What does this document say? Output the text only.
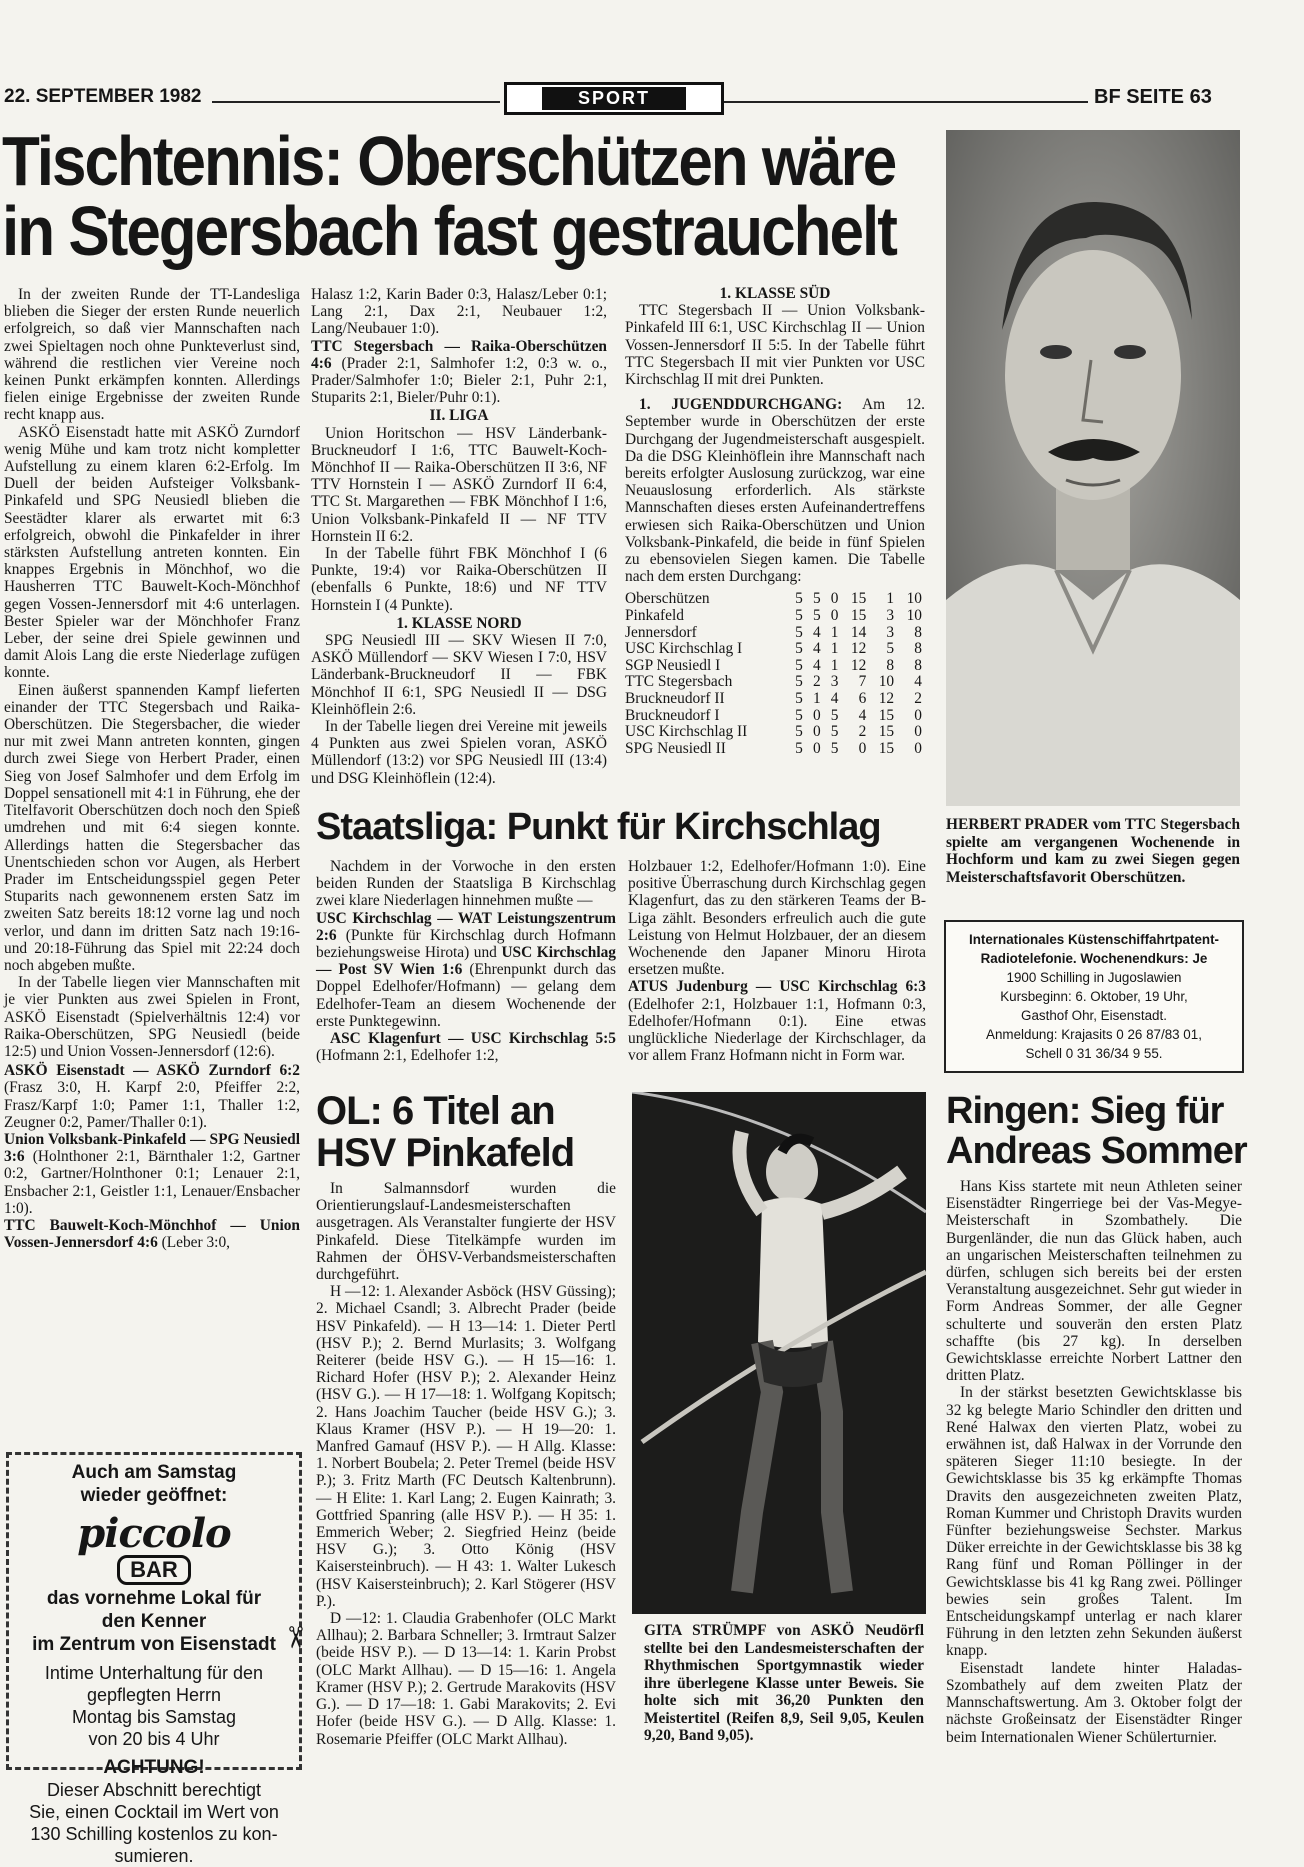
22. SEPTEMBER 1982	SPORT	BF SEITE 63
Tischtennis: Oberschützen wäre
in Stegersbach fast gestrauchelt

In der zweiten Runde der TT-Landesliga blieben die Sieger der ersten Runde neuerlich erfolgreich, so daß vier Mannschaften nach zwei Spieltagen noch ohne Punkteverlust sind, während die restlichen vier Vereine noch keinen Punkt erkämpfen konnten. Allerdings fielen einige Ergebnisse der zweiten Runde recht knapp aus.

ASKÖ Eisenstadt hatte mit ASKÖ Zurndorf wenig Mühe und kam trotz nicht kompletter Aufstellung zu einem klaren 6:2-Erfolg. Im Duell der beiden Aufsteiger Volksbank-Pinkafeld und SPG Neusiedl blieben die Seestädter klarer als erwartet mit 6:3 erfolgreich, obwohl die Pinkafelder in ihrer stärksten Aufstellung antreten konnten. Ein knappes Ergebnis in Mönchhof, wo die Hausherren TTC Bauwelt-Koch-Mönchhof gegen Vossen-Jennersdorf mit 4:6 unterlagen. Bester Spieler war der Mönchhofer Franz Leber, der seine drei Spiele gewinnen und damit Alois Lang die erste Niederlage zufügen konnte.

Einen äußerst spannenden Kampf lieferten einander der TTC Stegersbach und Raika-Oberschützen. Die Stegersbacher, die wieder nur mit zwei Mann antreten konnten, gingen durch zwei Siege von Herbert Prader, einen Sieg von Josef Salmhofer und dem Erfolg im Doppel sensationell mit 4:1 in Führung, ehe der Titelfavorit Oberschützen doch noch den Spieß umdrehen und mit 6:4 siegen konnte. Allerdings hatten die Stegersbacher das Unentschieden schon vor Augen, als Herbert Prader im Entscheidungsspiel gegen Peter Stuparits nach gewonnenem ersten Satz im zweiten Satz bereits 18:12 vorne lag und noch verlor, und dann im dritten Satz nach 19:16- und 20:18-Führung das Spiel mit 22:24 doch noch abgeben mußte.

In der Tabelle liegen vier Mannschaften mit je vier Punkten aus zwei Spielen in Front, ASKÖ Eisenstadt (Spielverhältnis 12:4) vor Raika-Oberschützen, SPG Neusiedl (beide 12:5) und Union Vossen-Jennersdorf (12:6).

ASKÖ Eisenstadt — ASKÖ Zurndorf 6:2 (Frasz 3:0, H. Karpf 2:0, Pfeiffer 2:2, Frasz/Karpf 1:0; Pamer 1:1, Thaller 1:2, Zeugner 0:2, Pamer/Thaller 0:1).

Union Volksbank-Pinkafeld — SPG Neusiedl 3:6 (Holnthoner 2:1, Bärnthaler 1:2, Gartner 0:2, Gartner/Holnthoner 0:1; Lenauer 2:1, Ensbacher 2:1, Geistler 1:1, Lenauer/Ensbacher 1:0).

TTC Bauwelt-Koch-Mönchhof — Union Vossen-Jennersdorf 4:6 (Leber 3:0,

Halasz 1:2, Karin Bader 0:3, Halasz/Leber 0:1; Lang 2:1, Dax 2:1, Neubauer 1:2, Lang/Neubauer 1:0).

TTC Stegersbach — Raika-Oberschützen 4:6 (Prader 2:1, Salmhofer 1:2, 0:3 w. o., Prader/Salmhofer 1:0; Bieler 2:1, Puhr 2:1, Stuparits 2:1, Bieler/Puhr 0:1).

II. LIGA

Union Horitschon — HSV Länderbank-Bruckneudorf I 1:6, TTC Bauwelt-Koch-Mönchhof II — Raika-Oberschützen II 3:6, NF TTV Hornstein I — ASKÖ Zurndorf II 6:4, TTC St. Margarethen — FBK Mönchhof I 1:6, Union Volksbank-Pinkafeld II — NF TTV Hornstein II 6:2.

In der Tabelle führt FBK Mönchhof I (6 Punkte, 19:4) vor Raika-Oberschützen II (ebenfalls 6 Punkte, 18:6) und NF TTV Hornstein I (4 Punkte).

1. KLASSE NORD

SPG Neusiedl III — SKV Wiesen II 7:0, ASKÖ Müllendorf — SKV Wiesen I 7:0, HSV Länderbank-Bruckneudorf II — FBK Mönchhof II 6:1, SPG Neusiedl II — DSG Kleinhöflein 2:6.

In der Tabelle liegen drei Vereine mit jeweils 4 Punkten aus zwei Spielen voran, ASKÖ Müllendorf (13:2) vor SPG Neusiedl III (13:4) und DSG Kleinhöflein (12:4).

1. KLASSE SÜD

TTC Stegersbach II — Union Volksbank-Pinkafeld III 6:1, USC Kirchschlag II — Union Vossen-Jennersdorf II 5:5. In der Tabelle führt TTC Stegersbach II mit vier Punkten vor USC Kirchschlag II mit drei Punkten.

1. JUGENDDURCHGANG: Am 12. September wurde in Oberschützen der erste Durchgang der Jugendmeisterschaft ausgespielt. Da die DSG Kleinhöflein ihre Mannschaft nach bereits erfolgter Auslosung zurückzog, war eine Neuauslosung erforderlich. Als stärkste Mannschaften dieses ersten Aufeinandertreffens erwiesen sich Raika-Oberschützen und Union Volksbank-Pinkafeld, die beide in fünf Spielen zu ebensovielen Siegen kamen. Die Tabelle nach dem ersten Durchgang:

Oberschützen	5	5	0	15	1	10
Pinkafeld	5	5	0	15	3	10
Jennersdorf	5	4	1	14	3	8
USC Kirchschlag I	5	4	1	12	5	8
SGP Neusiedl I	5	4	1	12	8	8
TTC Stegersbach	5	2	3	7	10	4
Bruckneudorf II	5	1	4	6	12	2
Bruckneudorf I	5	0	5	4	15	0
USC Kirchschlag II	5	0	5	2	15	0
SPG Neusiedl II	5	0	5	0	15	0
HERBERT PRADER vom TTC Stegersbach spielte am vergangenen Wochenende in Hochform und kam zu zwei Siegen gegen Meisterschaftsfavorit Oberschützen.
Staatsliga: Punkt für Kirchschlag

Nachdem in der Vorwoche in den ersten beiden Runden der Staatsliga B Kirchschlag zwei klare Niederlagen hinnehmen mußte —

USC Kirchschlag — WAT Leistungszentrum 2:6 (Punkte für Kirchschlag durch Hofmann beziehungsweise Hirota) und USC Kirchschlag — Post SV Wien 1:6 (Ehrenpunkt durch das Doppel Edelhofer/Hofmann) — gelang dem Edelhofer-Team an diesem Wochenende der erste Punktegewinn.

ASC Klagenfurt — USC Kirchschlag 5:5 (Hofmann 2:1, Edelhofer 1:2,

Holzbauer 1:2, Edelhofer/Hofmann 1:0). Eine positive Überraschung durch Kirchschlag gegen Klagenfurt, das zu den stärkeren Teams der B-Liga zählt. Besonders erfreulich auch die gute Leistung von Helmut Holzbauer, der an diesem Wochenende den Japaner Minoru Hirota ersetzen mußte.

ATUS Judenburg — USC Kirchschlag 6:3 (Edelhofer 2:1, Holzbauer 1:1, Hofmann 0:3, Edelhofer/Hofmann 0:1). Eine etwas unglückliche Niederlage der Kirchschlager, da vor allem Franz Hofmann nicht in Form war.

Internationales Küstenschiffahrtpatent-
Radiotelefonie. Wochenendkurs: Je
1900 Schilling in Jugoslawien
Kursbeginn: 6. Oktober, 19 Uhr,
Gasthof Ohr, Eisenstadt.
Anmeldung: Krajasits 0 26 87/83 01,
Schell 0 31 36/34 9 55.
OL: 6 Titel an
HSV Pinkafeld

In Salmannsdorf wurden die Orientierungslauf-Landesmeisterschaften ausgetragen. Als Veranstalter fungierte der HSV Pinkafeld. Diese Titelkämpfe wurden im Rahmen der ÖHSV-Verbandsmeisterschaften durchgeführt.

H —12: 1. Alexander Asböck (HSV Güssing); 2. Michael Csandl; 3. Albrecht Prader (beide HSV Pinkafeld). — H 13—14: 1. Dieter Pertl (HSV P.); 2. Bernd Murlasits; 3. Wolfgang Reiterer (beide HSV G.). — H 15—16: 1. Richard Hofer (HSV P.); 2. Alexander Heinz (HSV G.). — H 17—18: 1. Wolfgang Kopitsch; 2. Hans Joachim Taucher (beide HSV G.); 3. Klaus Kramer (HSV P.). — H 19—20: 1. Manfred Gamauf (HSV P.). — H Allg. Klasse: 1. Norbert Boubela; 2. Peter Tremel (beide HSV P.); 3. Fritz Marth (FC Deutsch Kaltenbrunn). — H Elite: 1. Karl Lang; 2. Eugen Kainrath; 3. Gottfried Spanring (alle HSV P.). — H 35: 1. Emmerich Weber; 2. Siegfried Heinz (beide HSV G.); 3. Otto König (HSV Kaisersteinbruch). — H 43: 1. Walter Lukesch (HSV Kaisersteinbruch); 2. Karl Stögerer (HSV P.).

D —12: 1. Claudia Grabenhofer (OLC Markt Allhau); 2. Barbara Schneller; 3. Irmtraut Salzer (beide HSV P.). — D 13—14: 1. Karin Probst (OLC Markt Allhau). — D 15—16: 1. Angela Kramer (HSV P.); 2. Gertrude Marakovits (HSV G.). — D 17—18: 1. Gabi Marakovits; 2. Evi Hofer (beide HSV G.). — D Allg. Klasse: 1. Rosemarie Pfeiffer (OLC Markt Allhau).

GITA STRÜMPF von ASKÖ Neudörfl stellte bei den Landesmeisterschaften der Rhythmischen Sportgymnastik wieder ihre überlegene Klasse unter Beweis. Sie holte sich mit 36,20 Punkten den Meistertitel (Reifen 8,9, Seil 9,05, Keulen 9,20, Band 9,05).
Ringen: Sieg für
Andreas Sommer

Hans Kiss startete mit neun Athleten seiner Eisenstädter Ringerriege bei der Vas-Megye-Meisterschaft in Szombathely. Die Burgenländer, die nun das Glück haben, auch an ungarischen Meisterschaften teilnehmen zu dürfen, schlugen sich bereits bei der ersten Veranstaltung ausgezeichnet. Sehr gut wieder in Form Andreas Sommer, der alle Gegner schulterte und souverän den ersten Platz schaffte (bis 27 kg). In derselben Gewichtsklasse erreichte Norbert Lattner den dritten Platz.

In der stärkst besetzten Gewichtsklasse bis 32 kg belegte Mario Schindler den dritten und René Halwax den vierten Platz, wobei zu erwähnen ist, daß Halwax in der Vorrunde den späteren Sieger 11:10 besiegte. In der Gewichtsklasse bis 35 kg erkämpfte Thomas Dravits den ausgezeichneten zweiten Platz, Roman Kummer und Christoph Dravits wurden Fünfter beziehungsweise Sechster. Markus Düker erreichte in der Gewichtsklasse bis 38 kg Rang fünf und Roman Pöllinger in der Gewichtsklasse bis 41 kg Rang zwei. Pöllinger bewies sein großes Talent. Im Entscheidungskampf unterlag er nach klarer Führung in den letzten zehn Sekunden äußerst knapp.

Eisenstadt landete hinter Haladas-Szombathely auf dem zweiten Platz der Mannschaftswertung. Am 3. Oktober folgt der nächste Großeinsatz der Eisenstädter Ringer beim Internationalen Wiener Schülerturnier.

Auch am Samstag
wieder geöffnet:
piccolo
BAR
das vornehme Lokal für
den Kenner
im Zentrum von Eisenstadt
Intime Unterhaltung für den
gepflegten Herrn
Montag bis Samstag
von 20 bis 4 Uhr
ACHTUNG!
Dieser Abschnitt berechtigt
Sie, einen Cocktail im Wert von
130 Schilling kostenlos zu kon-
sumieren.
✂
